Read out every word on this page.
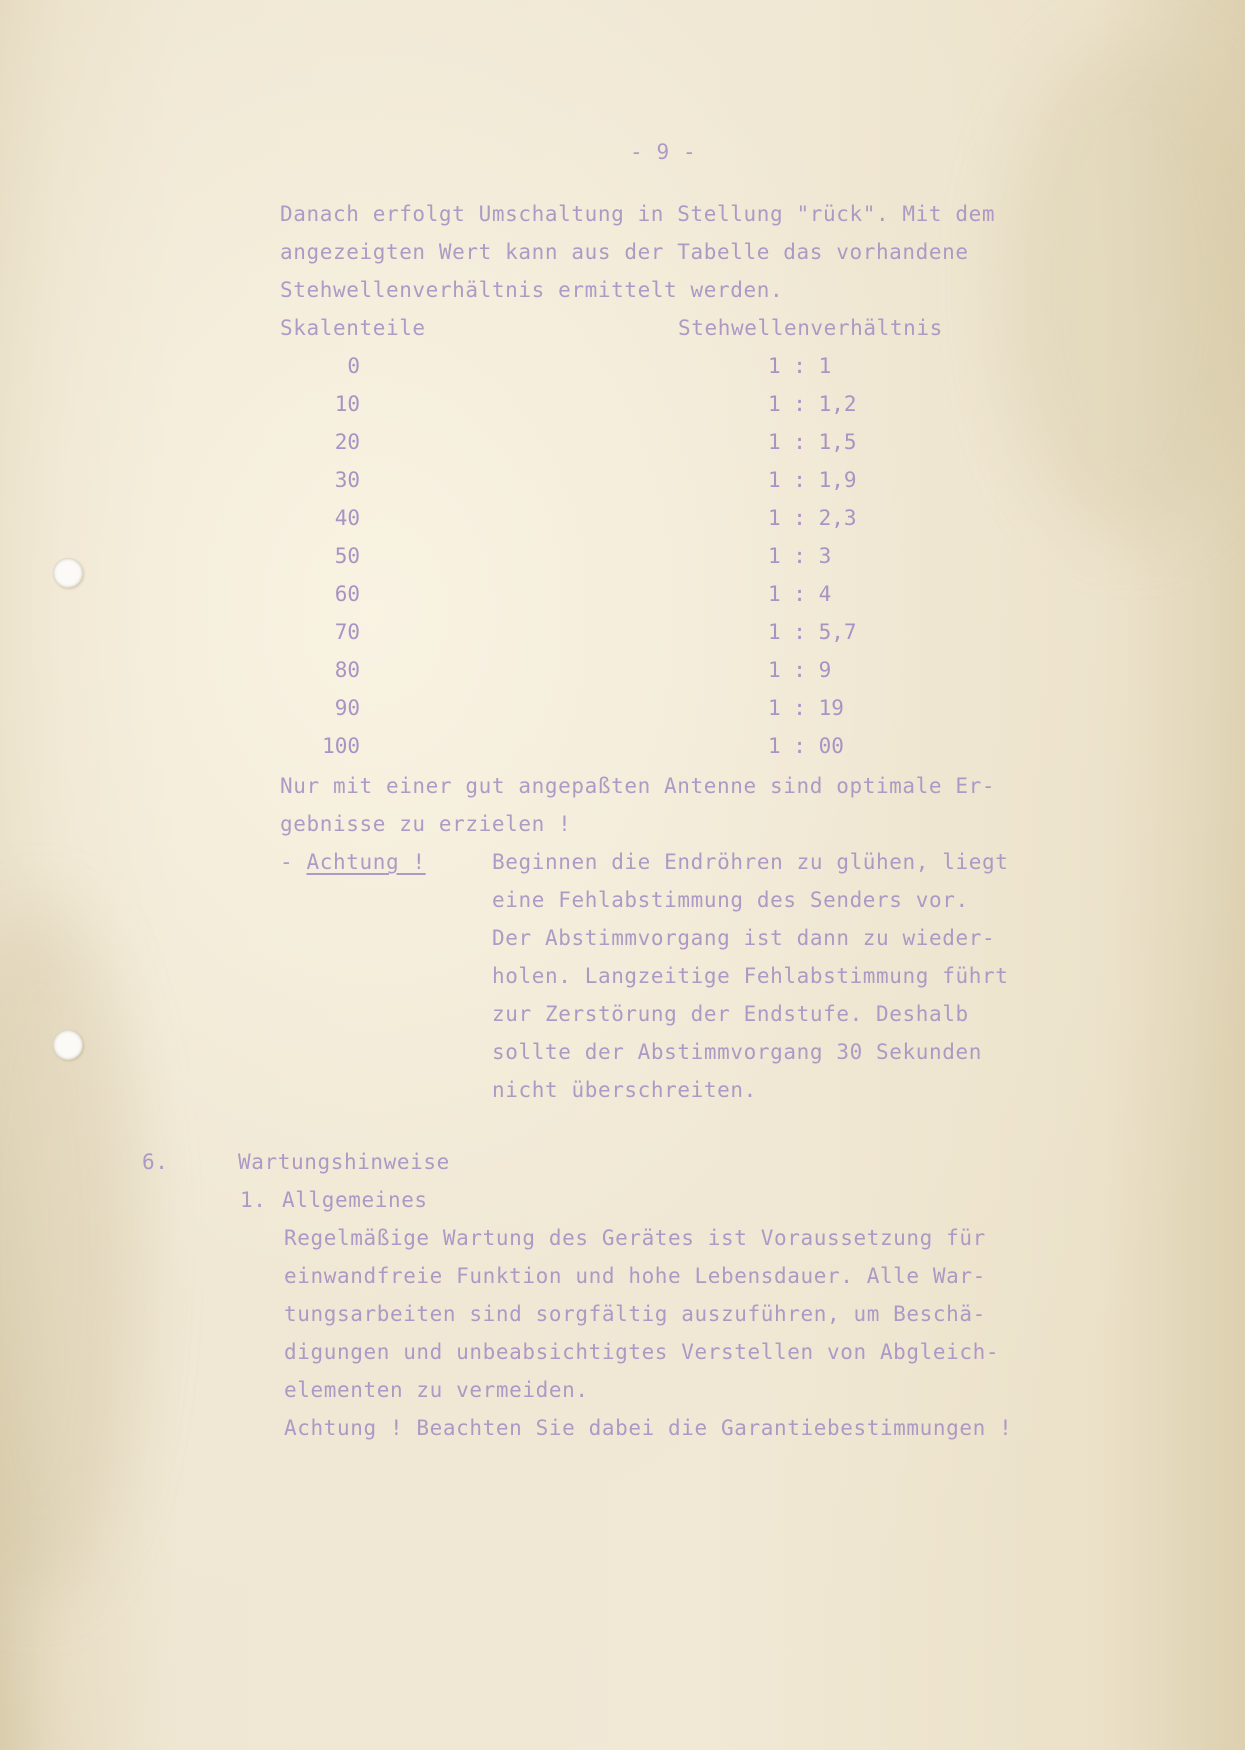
- 9 -

Danach erfolgt Umschaltung in Stellung "rück". Mit dem

angezeigten Wert kann aus der Tabelle das vorhandene

Stehwellenverhältnis ermittelt werden.

Skalenteile	Stehwellenverhältnis

0	1 : 1

10	1 : 1,2

20	1 : 1,5

30	1 : 1,9

40	1 : 2,3

50	1 : 3

60	1 : 4

70	1 : 5,7

80	1 : 9

90	1 : 19

100	1 : 00

Nur mit einer gut angepaßten Antenne sind optimale Er-

gebnisse zu erzielen !

- Achtung !	Beginnen die Endröhren zu glühen, liegt

eine Fehlabstimmung des Senders vor.

Der Abstimmvorgang ist dann zu wieder-

holen. Langzeitige Fehlabstimmung führt

zur Zerstörung der Endstufe. Deshalb

sollte der Abstimmvorgang 30 Sekunden

nicht überschreiten.

6.	Wartungshinweise

1. Allgemeines

Regelmäßige Wartung des Gerätes ist Voraussetzung für

einwandfreie Funktion und hohe Lebensdauer. Alle War-

tungsarbeiten sind sorgfältig auszuführen, um Beschä-

digungen und unbeabsichtigtes Verstellen von Abgleich-

elementen zu vermeiden.

Achtung ! Beachten Sie dabei die Garantiebestimmungen !
